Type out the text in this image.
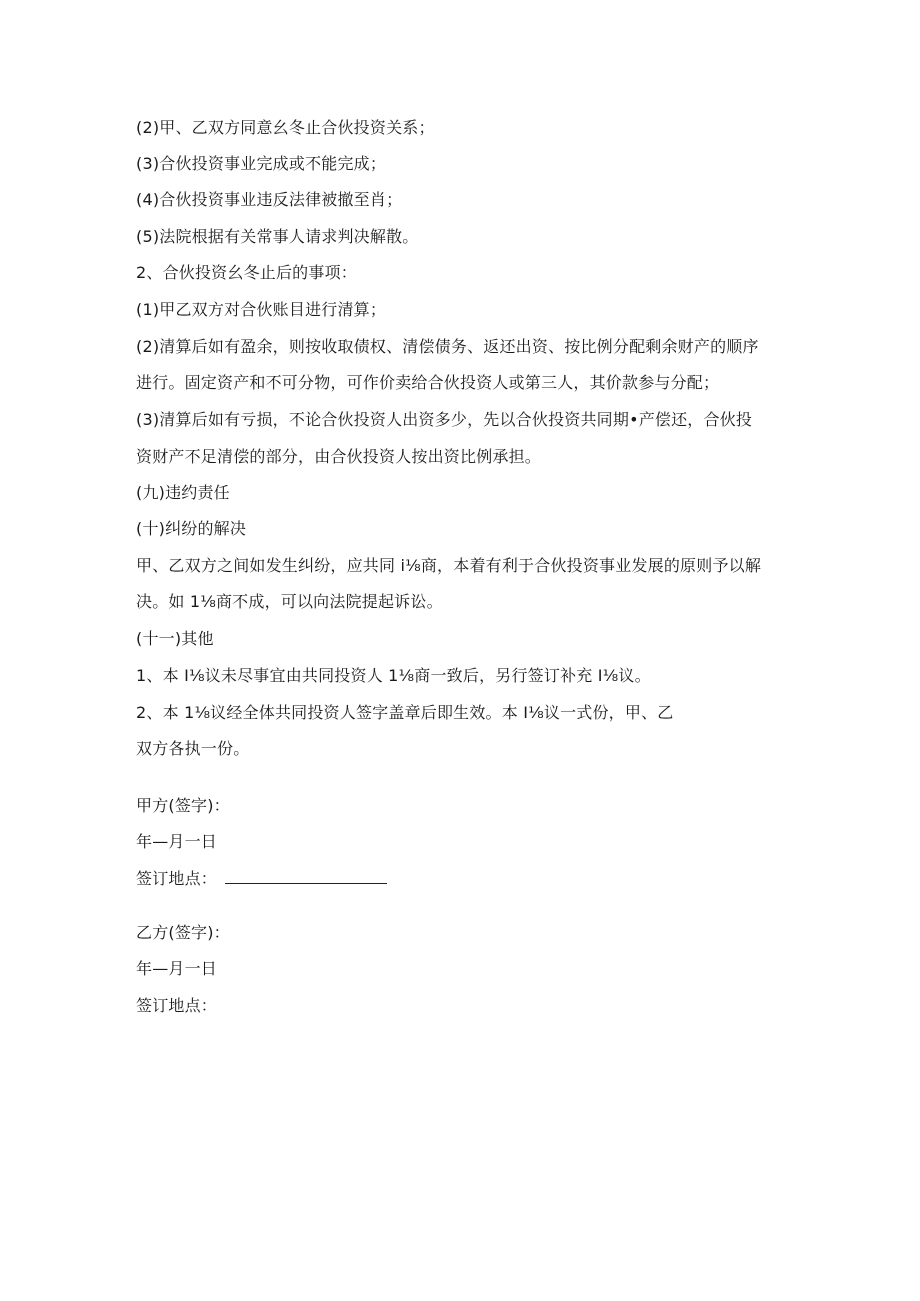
(2)甲、乙双方同意幺冬止合伙投资关系；
(3)合伙投资事业完成或不能完成；
(4)合伙投资事业违反法律被撤至肖；
(5)法院根据有关常事人请求判决解散。
2、合伙投资幺冬止后的事项：
(1)甲乙双方对合伙账目进行清算；
(2)清算后如有盈余，则按收取债权、清偿债务、返还出资、按比例分配剩余财产的顺序
进行。固定资产和不可分物，可作价卖给合伙投资人或第三人，其价款参与分配；
(3)清算后如有亏损，不论合伙投资人出资多少，先以合伙投资共同期•产偿还，合伙投
资财产不足清偿的部分，由合伙投资人按出资比例承担。
(九)违约责任
(十)纠纷的解决
甲、乙双方之间如发生纠纷，应共同 i⅛商，本着有利于合伙投资事业发展的原则予以解
决。如 1⅛商不成，可以向法院提起诉讼。
(十一)其他
1、本 I⅛议未尽事宜由共同投资人 1⅛商一致后，另行签订补充 I⅛议。
2、本 1⅛议经全体共同投资人签字盖章后即生效。本 I⅛议一式份，甲、乙
双方各执一份。
甲方(签字)：
年—月一日
签订地点：
乙方(签字)：
年—月一日
签订地点：
